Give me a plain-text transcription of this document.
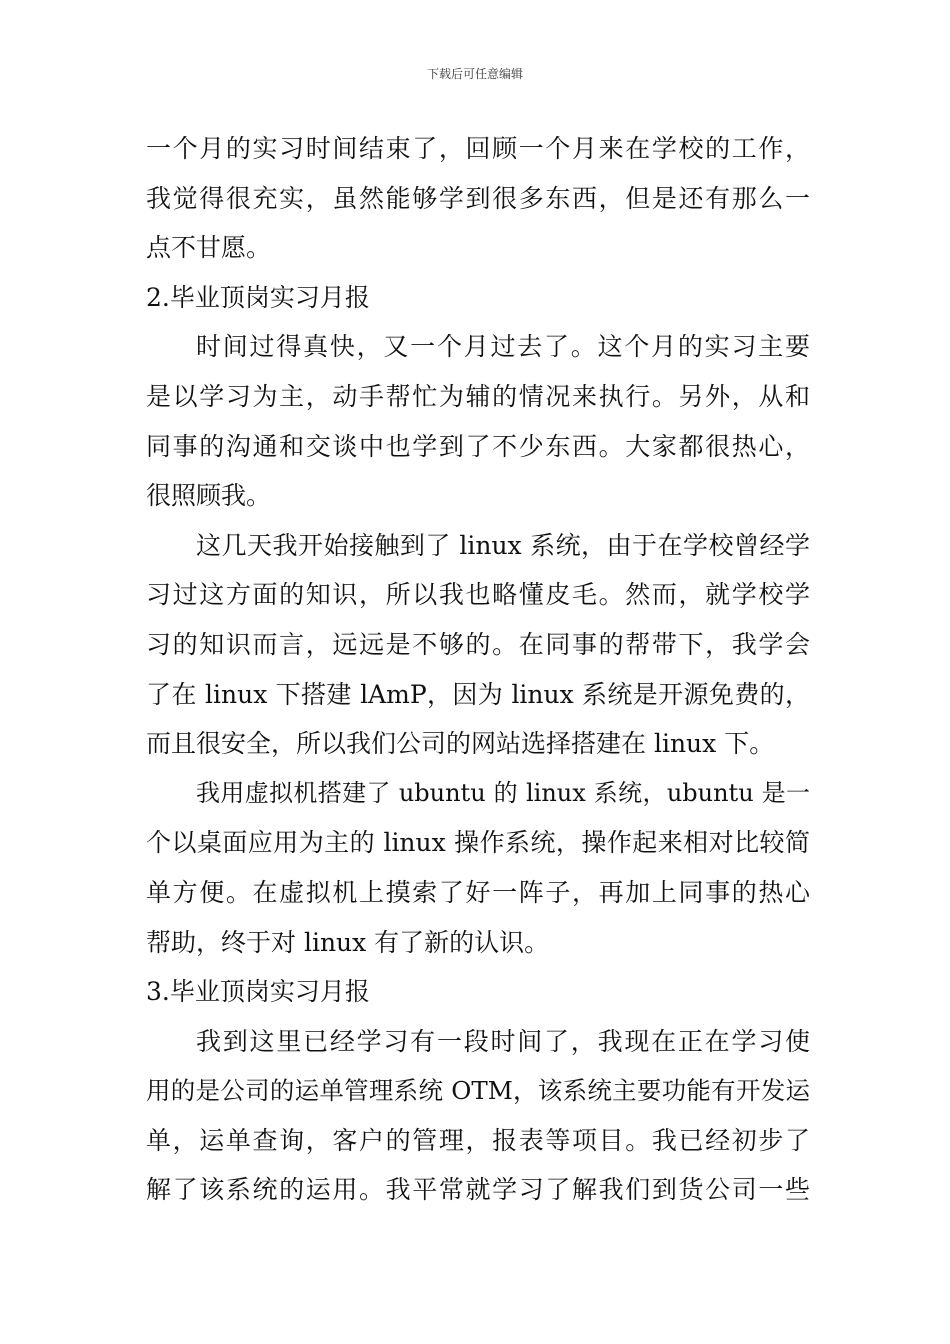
下载后可任意编辑
一个月的实习时间结束了，回顾一个月来在学校的工作，
我觉得很充实，虽然能够学到很多东西，但是还有那么一
点不甘愿。
2.毕业顶岗实习月报
时间过得真快，又一个月过去了。这个月的实习主要
是以学习为主，动手帮忙为辅的情况来执行。另外，从和
同事的沟通和交谈中也学到了不少东西。大家都很热心，
很照顾我。
这几天我开始接触到了 linux 系统，由于在学校曾经学
习过这方面的知识，所以我也略懂皮毛。然而，就学校学
习的知识而言，远远是不够的。在同事的帮带下，我学会
了在 linux 下搭建 lAmP，因为 linux 系统是开源免费的，
而且很安全，所以我们公司的网站选择搭建在 linux 下。
我用虚拟机搭建了 ubuntu 的 linux 系统，ubuntu 是一
个以桌面应用为主的 linux 操作系统，操作起来相对比较简
单方便。在虚拟机上摸索了好一阵子，再加上同事的热心
帮助，终于对 linux 有了新的认识。
3.毕业顶岗实习月报
我到这里已经学习有一段时间了，我现在正在学习使
用的是公司的运单管理系统 OTM，该系统主要功能有开发运
单，运单查询，客户的管理，报表等项目。我已经初步了
解了该系统的运用。我平常就学习了解我们到货公司一些
